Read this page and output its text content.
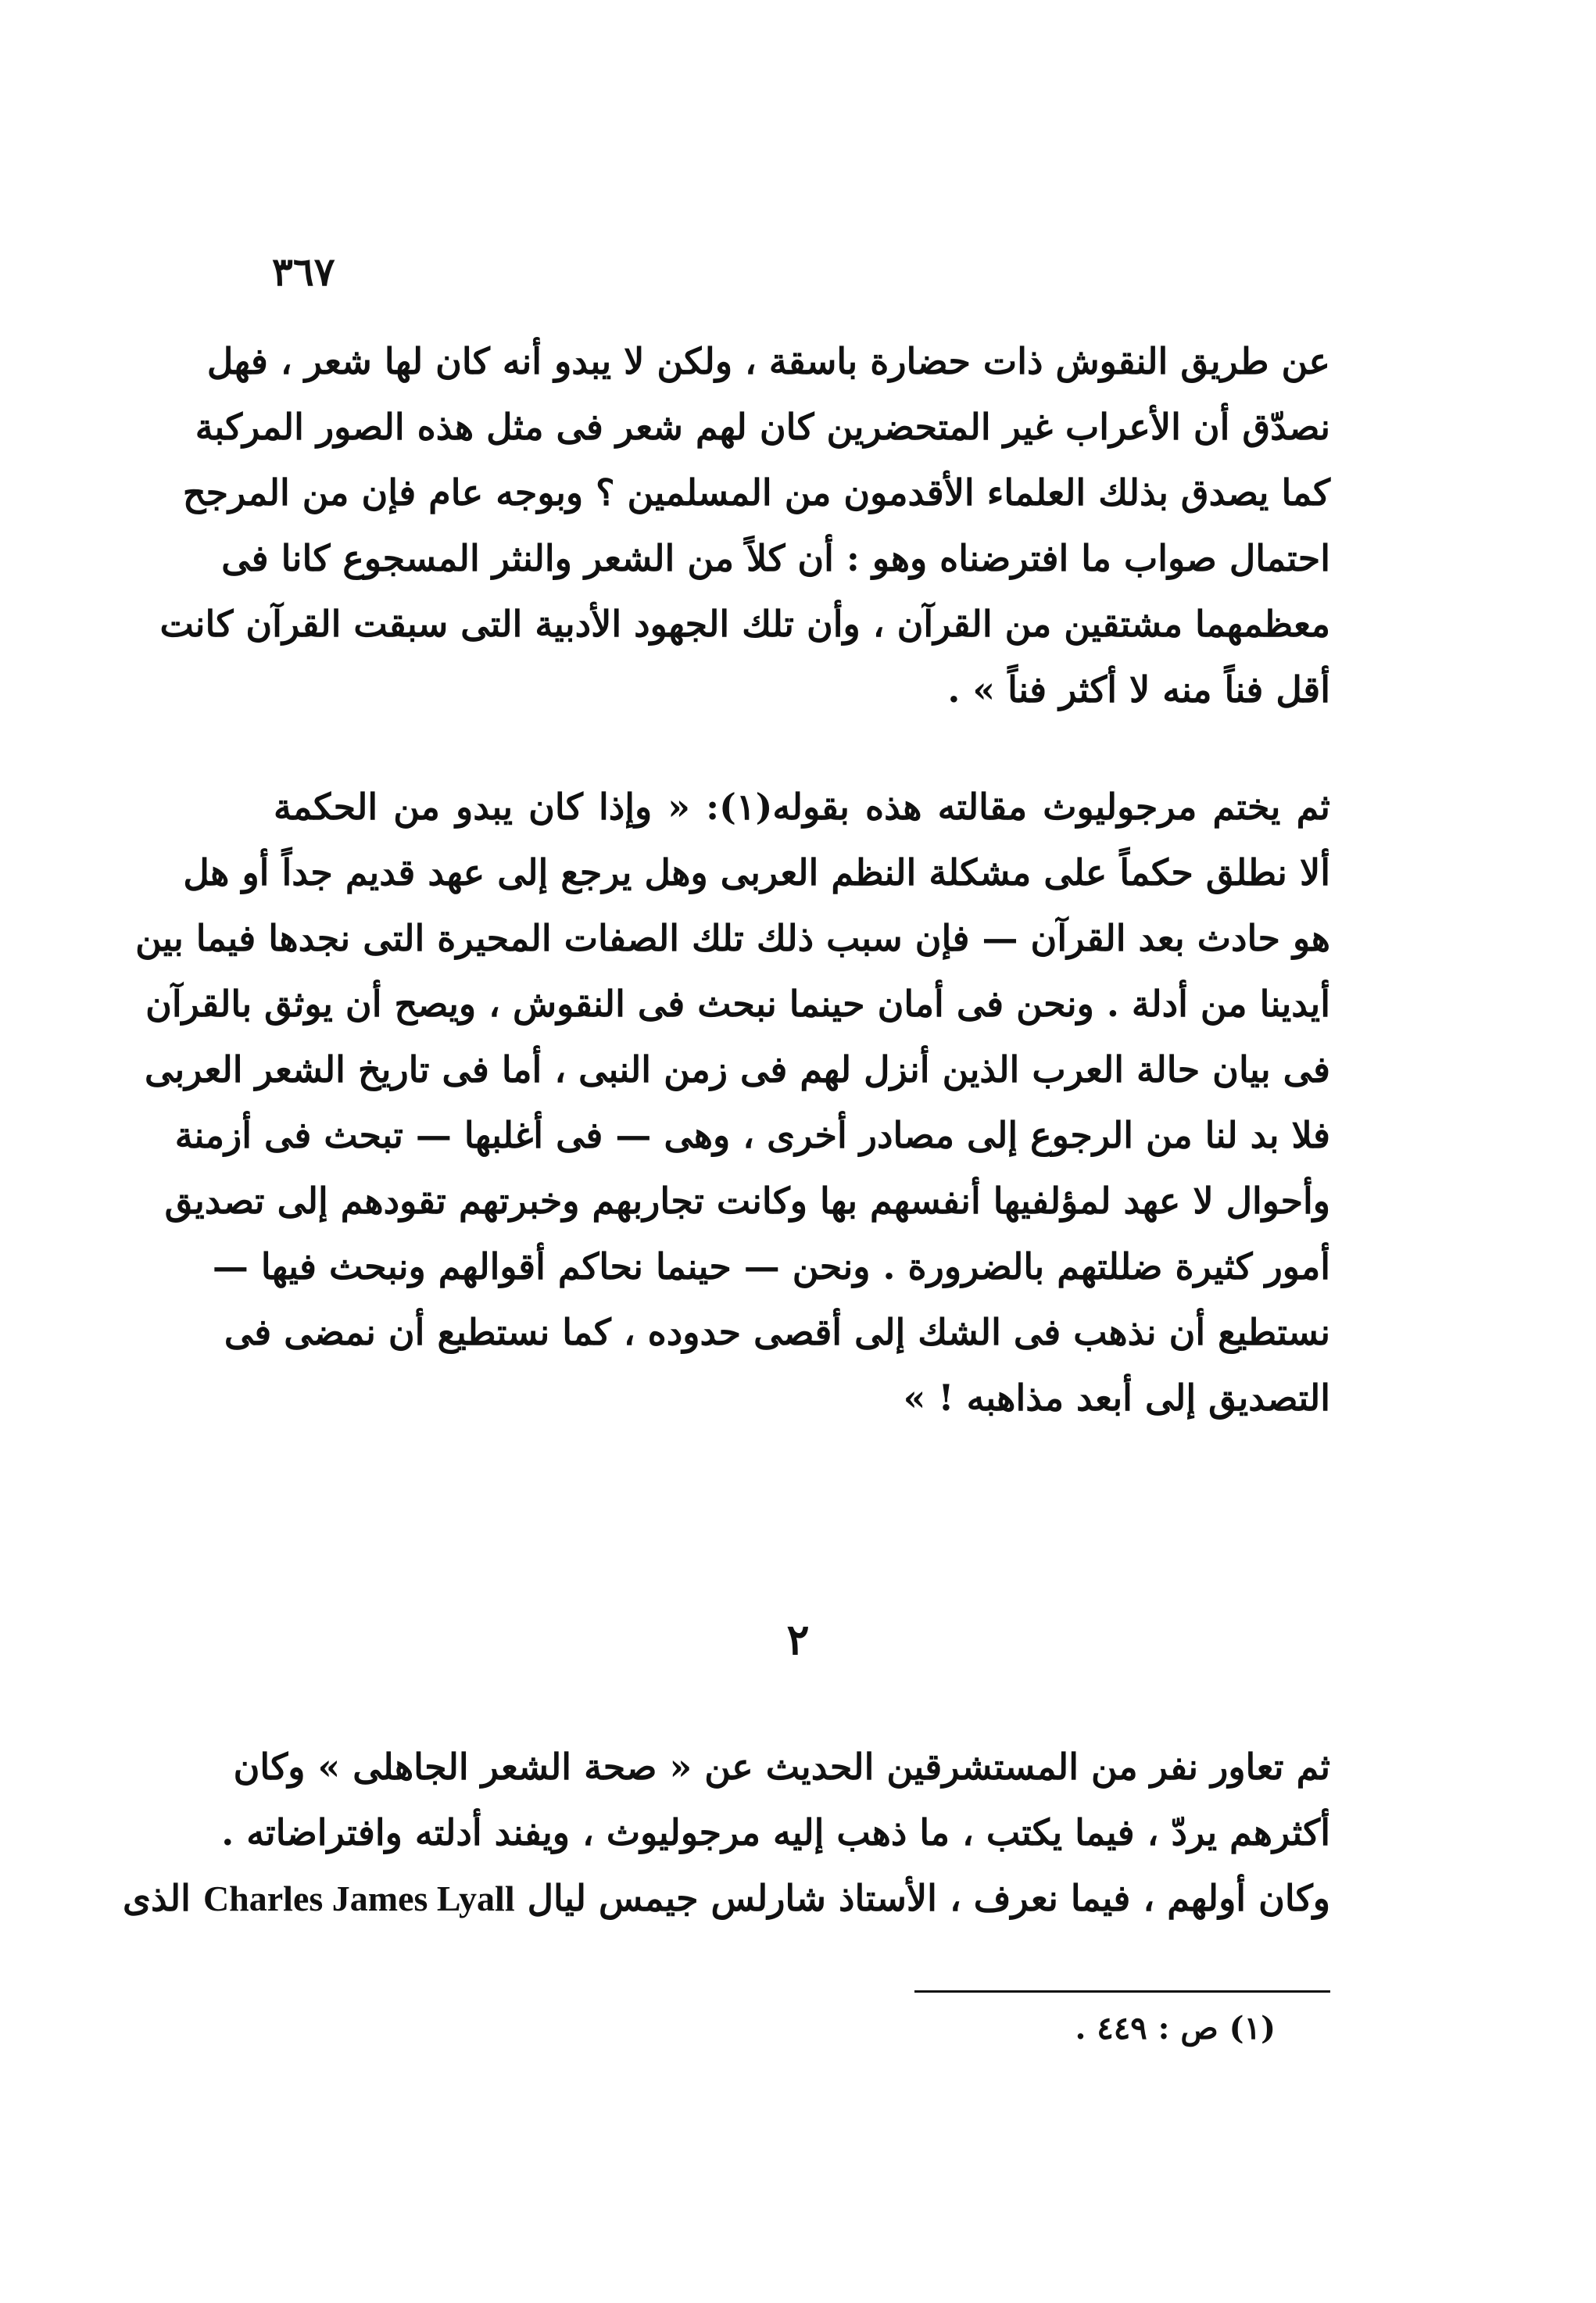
٣٦٧
عن طريق النقوش ذات حضارة باسقة ، ولكن لا يبدو أنه كان لها شعر ، فهل
نصدّق أن الأعراب غير المتحضرين كان لهم شعر فى مثل هذه الصور المركبة
كما يصدق بذلك العلماء الأقدمون من المسلمين ؟ وبوجه عام فإن من المرجح
احتمال صواب ما افترضناه وهو : أن كلاً من الشعر والنثر المسجوع كانا فى
معظمهما مشتقين من القرآن ، وأن تلك الجهود الأدبية التى سبقت القرآن كانت
أقل فناً منه لا أكثر فناً » .
ثم يختم مرجوليوث مقالته هذه بقوله(١): « وإذا كان يبدو من الحكمة
ألا نطلق حكماً على مشكلة النظم العربى وهل يرجع إلى عهد قديم جداً أو هل
هو حادث بعد القرآن — فإن سبب ذلك تلك الصفات المحيرة التى نجدها فيما بين
أيدينا من أدلة . ونحن فى أمان حينما نبحث فى النقوش ، ويصح أن يوثق بالقرآن
فى بيان حالة العرب الذين أنزل لهم فى زمن النبى ، أما فى تاريخ الشعر العربى
فلا بد لنا من الرجوع إلى مصادر أخرى ، وهى — فى أغلبها — تبحث فى أزمنة
وأحوال لا عهد لمؤلفيها أنفسهم بها وكانت تجاربهم وخبرتهم تقودهم إلى تصديق
أمور كثيرة ضللتهم بالضرورة . ونحن — حينما نحاكم أقوالهم ونبحث فيها —
نستطيع أن نذهب فى الشك إلى أقصى حدوده ، كما نستطيع أن نمضى فى
التصديق إلى أبعد مذاهبه ! »
٢
ثم تعاور نفر من المستشرقين الحديث عن « صحة الشعر الجاهلى » وكان
أكثرهم يردّ ، فيما يكتب ، ما ذهب إليه مرجوليوث ، ويفند أدلته وافتراضاته .
وكان أولهم ، فيما نعرف ، الأستاذ شارلس جيمس ليال Charles James Lyall الذى
(١) ص : ٤٤٩ .
